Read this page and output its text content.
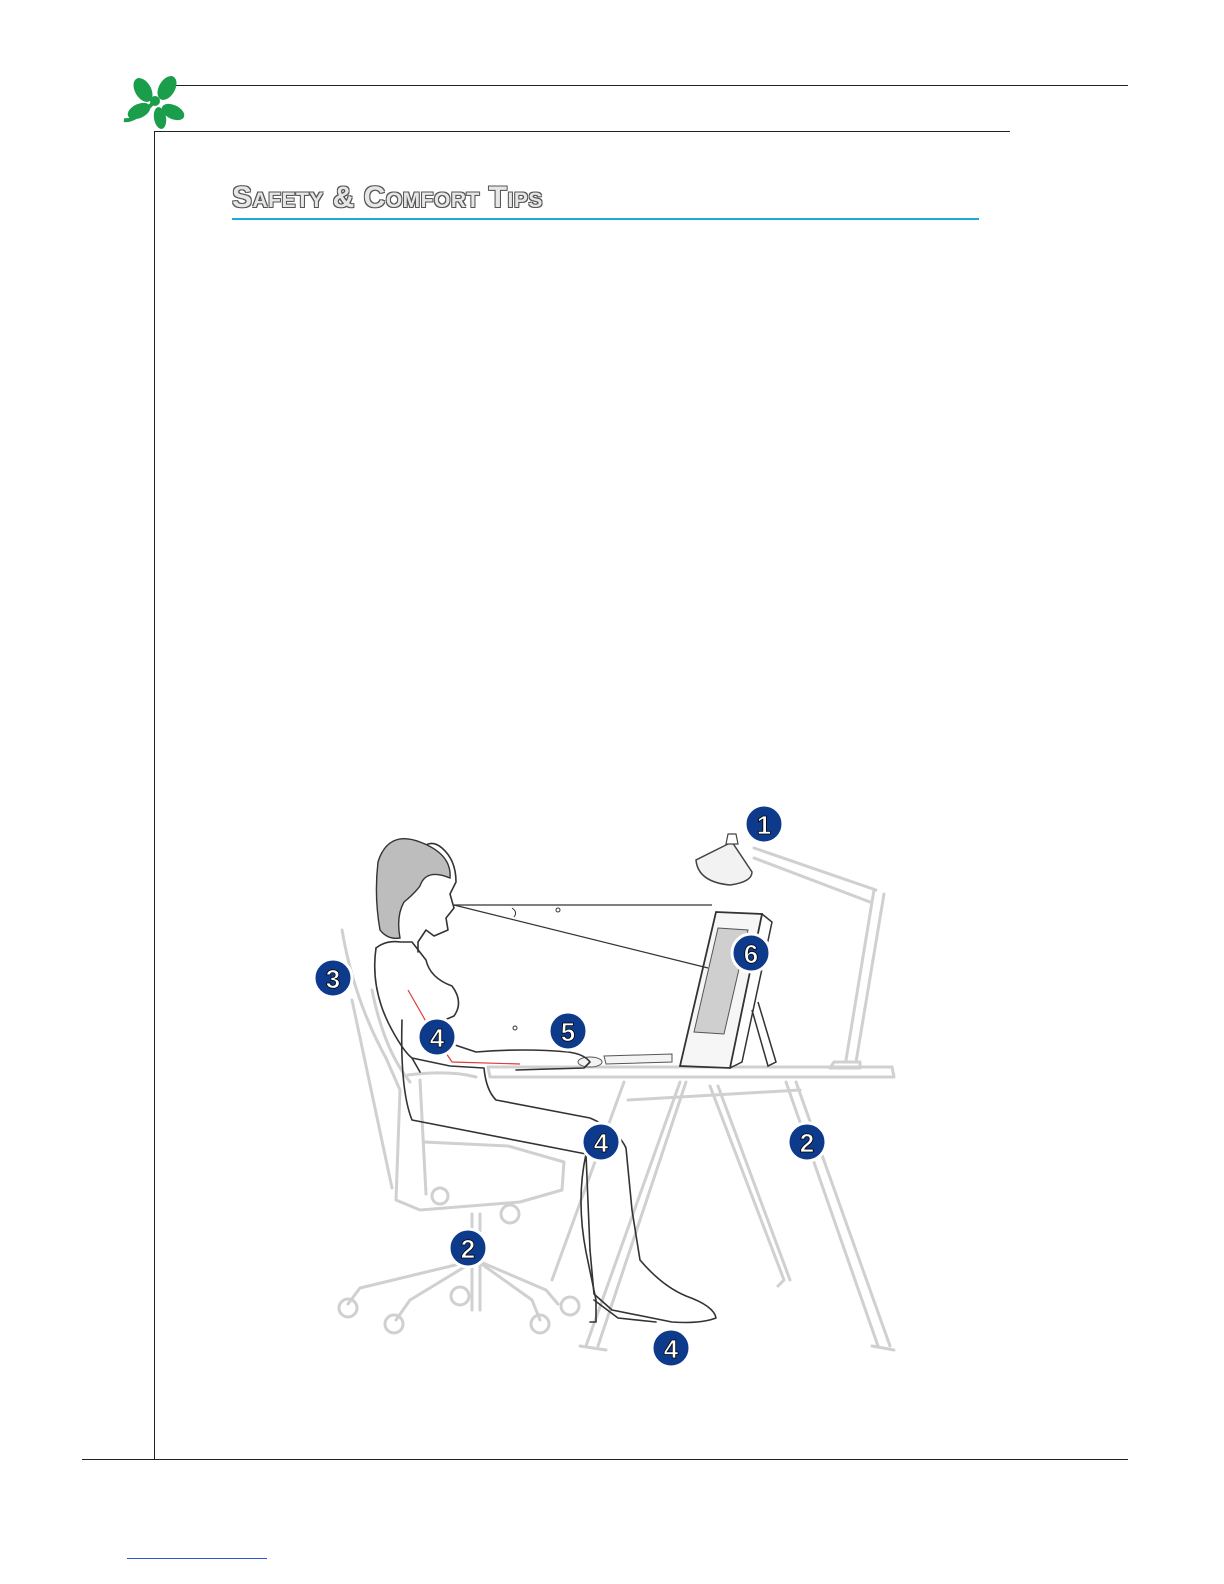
Safety & Comfort Tips
1
6
3
4	5
4	2
2
4
